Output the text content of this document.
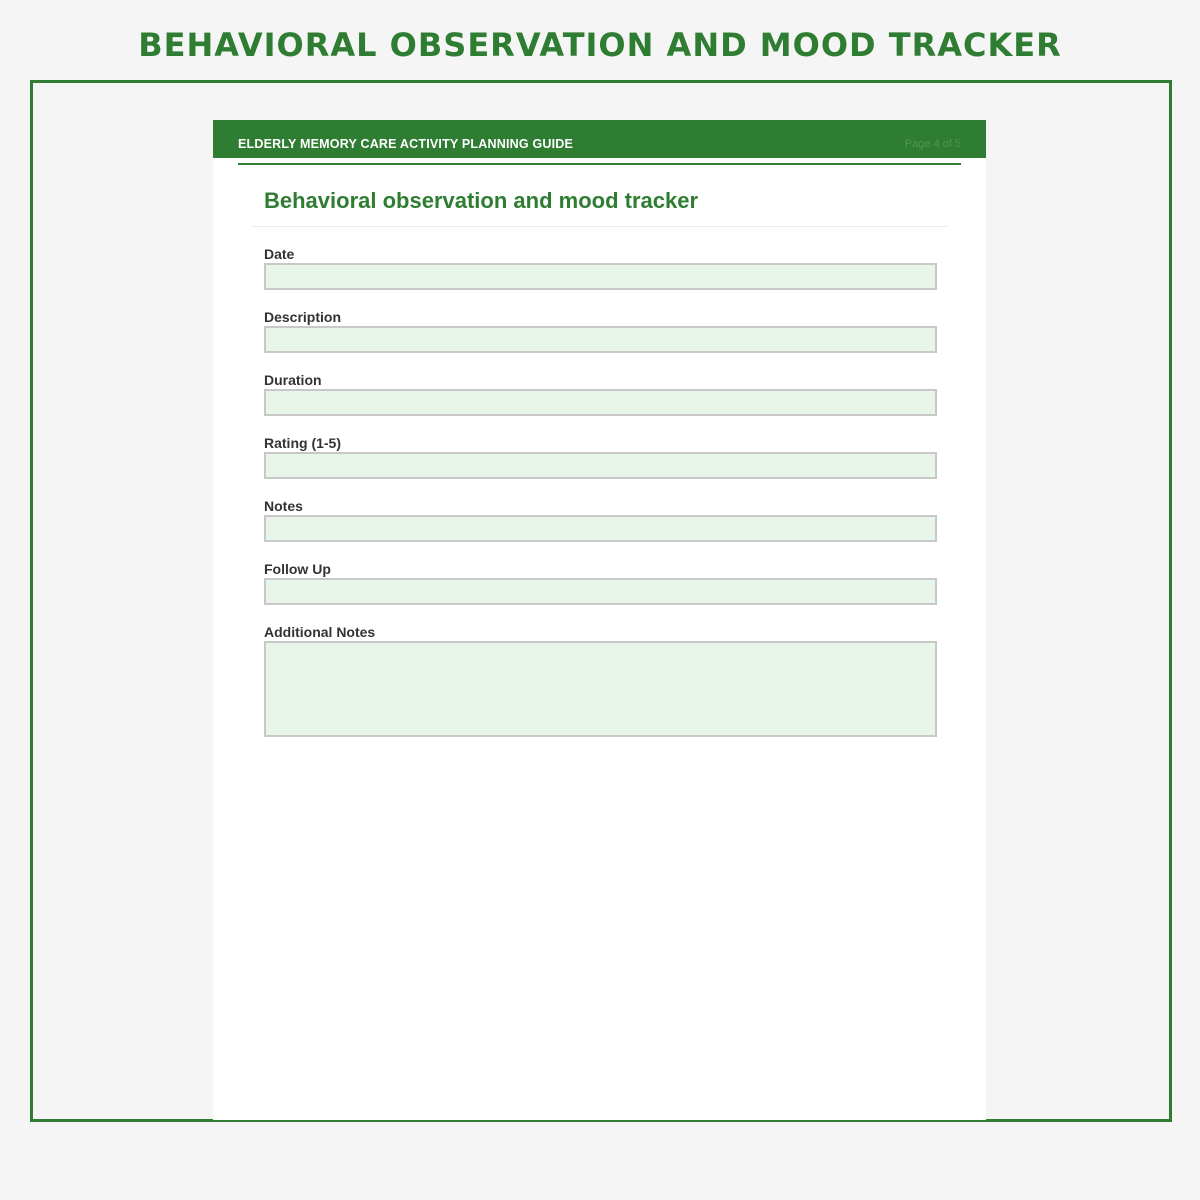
BEHAVIORAL OBSERVATION AND MOOD TRACKER
ELDERLY MEMORY CARE ACTIVITY PLANNING GUIDE	Page 4 of 5
Behavioral observation and mood tracker
Date
Description
Duration
Rating (1-5)
Notes
Follow Up
Additional Notes
